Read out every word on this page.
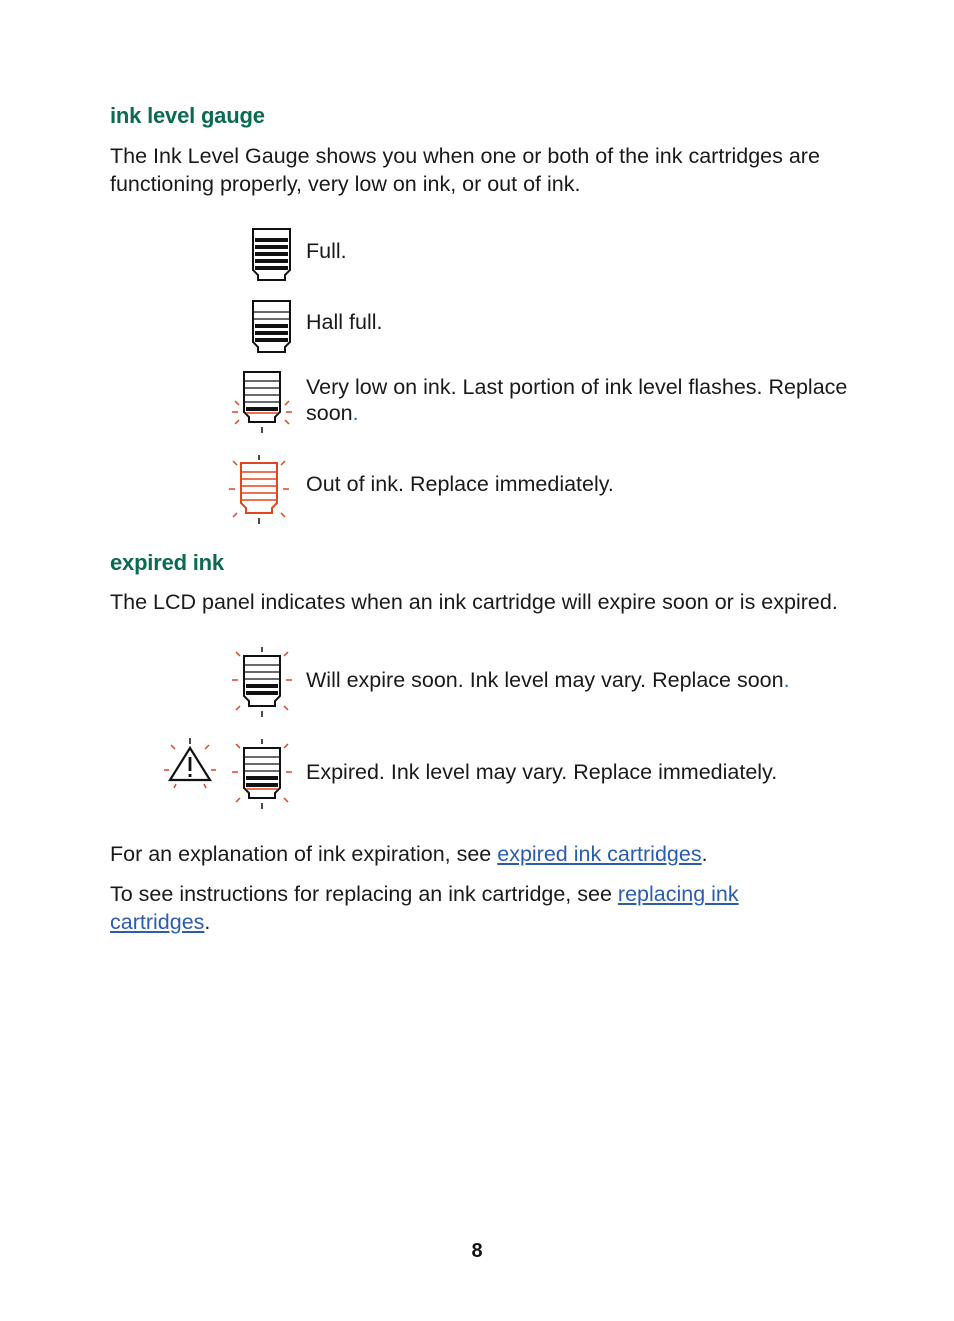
ink level gauge

The Ink Level Gauge shows you when one or both of the ink cartridges are functioning properly, very low on ink, or out of ink.

Full.
Hall full.
Very low on ink. Last portion of ink level flashes. Replace soon.
Out of ink. Replace immediately.
expired ink

The LCD panel indicates when an ink cartridge will expire soon or is expired.

Will expire soon. Ink level may vary. Replace soon.
Expired. Ink level may vary. Replace immediately.

For an explanation of ink expiration, see expired ink cartridges.

To see instructions for replacing an ink cartridge, see replacing ink
cartridges.

8
